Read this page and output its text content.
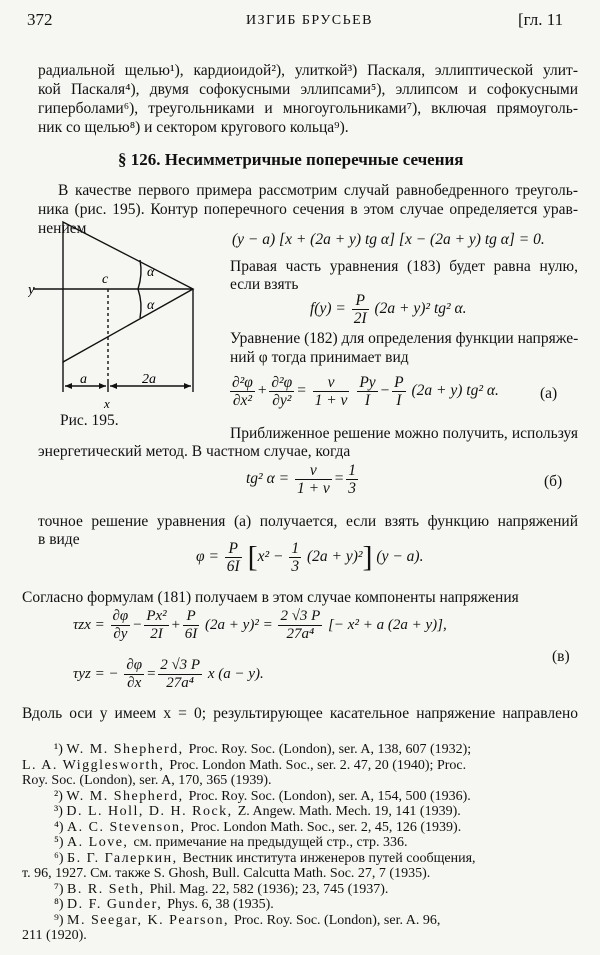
372	ИЗГИБ БРУСЬЕВ	[гл. 11
радиальной щелью¹), кардиоидой²), улиткой³) Паскаля, эллиптической улит-
кой Паскаля⁴), двумя софокусными эллипсами⁵), эллипсом и софокусными
гиперболами⁶), треугольниками и многоугольниками⁷), включая прямоуголь-
ник со щелью⁸) и сектором кругового кольца⁹).
§ 126. Несимметричные поперечные сечения
В качестве первого примера рассмотрим случай равнобедренного треуголь-
ника (рис. 195). Контур поперечного сечения в этом случае определяется урав-
нением
y
c	α
α
a	2a
x
Рис. 195.
(y − a) [x + (2a + y) tg α] [x − (2a + y) tg α] = 0.
Правая часть уравнения (183) будет равна нулю,
если взять
$f(y) = \frac{P}{2I} (2a + y)^2$ tg² α.
Уравнение (182) для определения функции напряже-
ний φ тогда принимает вид
$\frac{\text{∂²φ}}{\text{∂x²}} + \frac{\text{∂²φ}}{\text{∂y²}} = \frac{\nu}{1 + \nu}$
$\frac{Py}{I} - \frac{P}{I} (2a + y)$ tg² α.	(а)
Приближенное решение можно получить, используя
энергетический метод. В частном случае, когда
tg² $\alpha = \frac{\nu}{1 + \nu} = \frac{1}{3}$	(б)
точное решение уравнения (а) получается, если взять функцию напряжений
в виде
$\varphi = \frac{P}{6I} [x^2 - \frac{1}{3} (2a + y)^2] (y - a)$.
Согласно формулам (181) получаем в этом случае компоненты напряжения
$\tau zx = \frac{\partial\varphi}{\partial y} - \frac{\text{Px²}}{2I} + \frac{P}{6I} (2a + y)^2 = \frac{2 √3 P}{\text{27a⁴}}$ [− x² + a (2a + y)],
τyz = − $\frac{\partial\varphi}{\partial x} = \frac{2 √3 P}{\text{27a⁴}}$ x (a − y).
(в)
Вдоль оси y имеем x = 0; результирующее касательное напряжение направлено
¹) W. M. Shepherd, Proc. Roy. Soc. (London), ser. A, 138, 607 (1932);
L. A. Wigglesworth, Proc. London Math. Soc., ser. 2. 47, 20 (1940); Proc.
Roy. Soc. (London), ser. A, 170, 365 (1939).
²) W. M. Shepherd, Proc. Roy. Soc. (London), ser. A, 154, 500 (1936).
³) D. L. Holl, D. H. Rock, Z. Angew. Math. Mech. 19, 141 (1939).
⁴) A. C. Stevenson, Proc. London Math. Soc., ser. 2, 45, 126 (1939).
⁵) A. Love, см. примечание на предыдущей стр., стр. 336.
⁶) Б. Г. Галеркин, Вестник института инженеров путей сообщения,
т. 96, 1927. См. также S. Ghosh, Bull. Calcutta Math. Soc. 27, 7 (1935).
⁷) B. R. Seth, Phil. Mag. 22, 582 (1936); 23, 745 (1937).
⁸) D. F. Gunder, Phys. 6, 38 (1935).
⁹) M. Seegar, K. Pearson, Proc. Roy. Soc. (London), ser. A. 96,
211 (1920).
